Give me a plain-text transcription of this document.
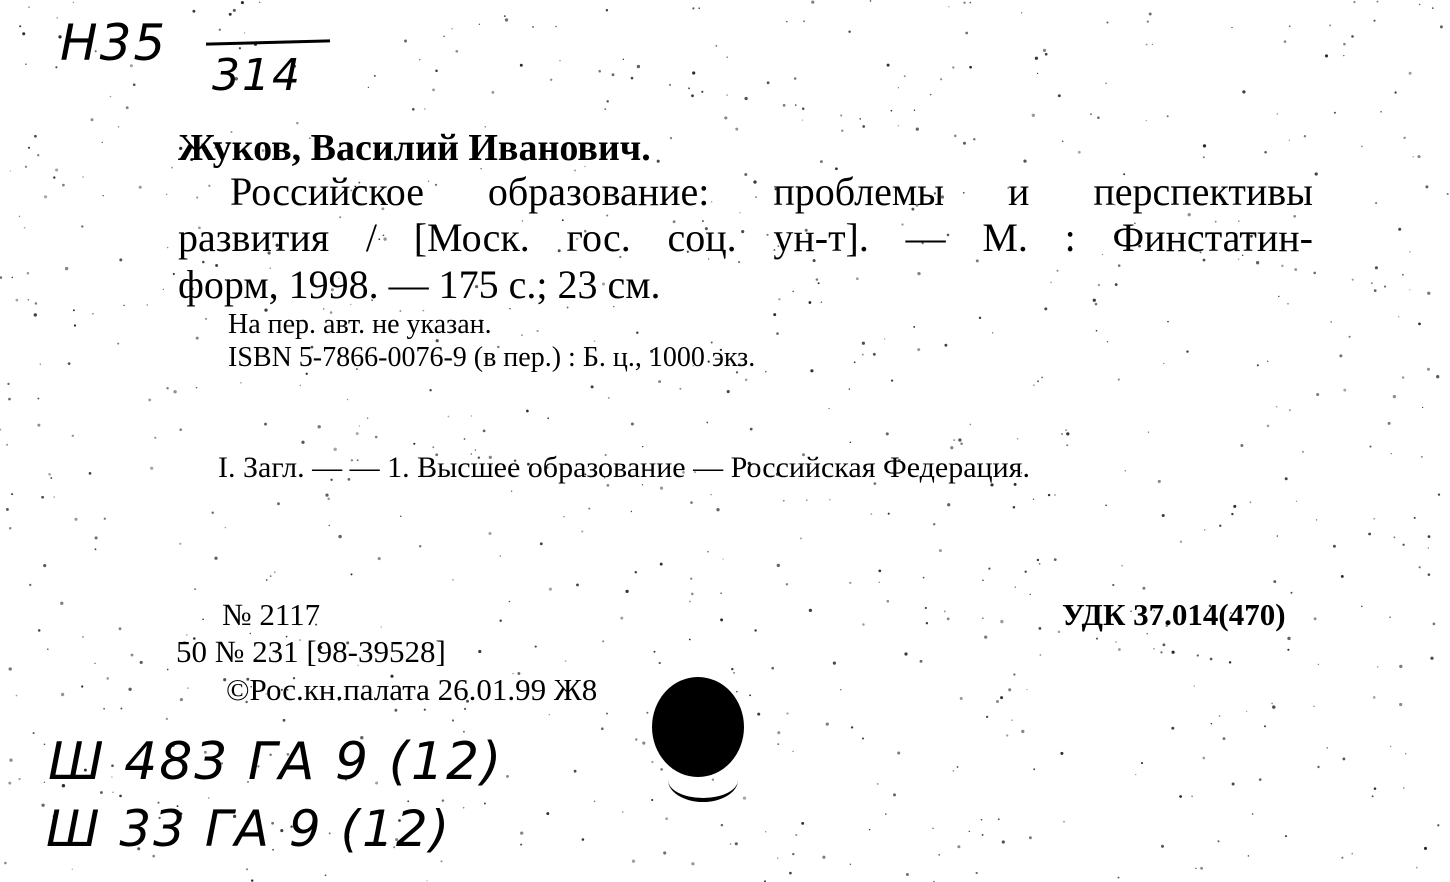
Н35
314
Жуков, Василий Иванович.
Российское образование: проблемы и перспективы
развития / [Моск. гос. соц. ун-т]. — М. : Финстатин-
форм, 1998. — 175 с.; 23 см.
На пер. авт. не указан.
ISBN 5-7866-0076-9 (в пер.) : Б. ц., 1000 экз.
I. Загл. — — 1. Высшее образование — Российская Федерация.
№ 2117
50 № 231 [98-39528]
УДК 37.014(470)
©Рос.кн.палата 26.01.99 Ж8
Ш 483 ГА 9 (12)
Ш 33 ГА 9 (12)
